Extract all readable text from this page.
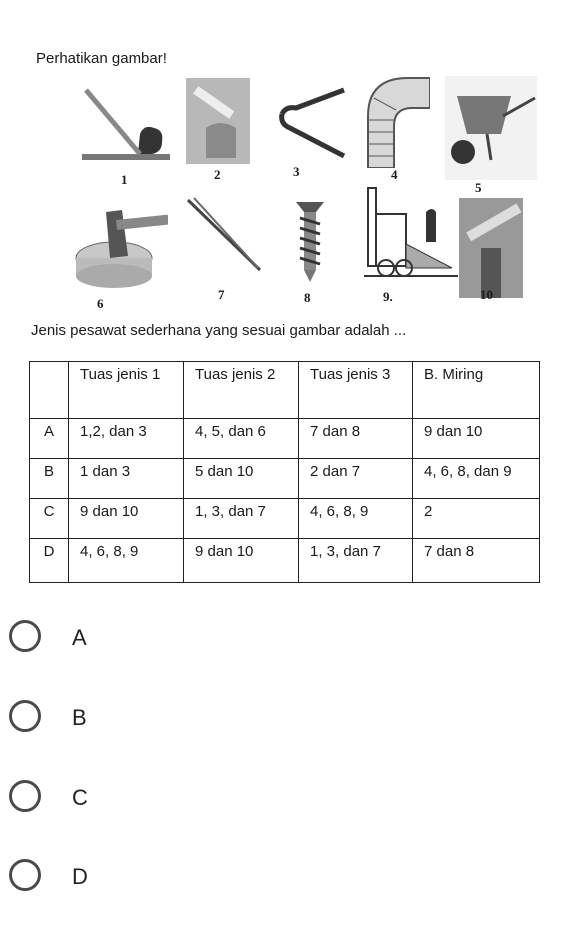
Perhatikan gambar!
1	2	3	4
5
6
7	8	9.	10
Jenis pesawat sederhana yang sesuai gambar adalah ...
	Tuas jenis 1	Tuas jenis 2	Tuas jenis 3	B. Miring
A	1,2, dan 3	4, 5, dan 6	7 dan 8	9 dan 10
B	1 dan 3	5 dan 10	2 dan 7	4, 6, 8, dan 9
C	9 dan 10	1, 3, dan 7	4, 6, 8, 9	2
D	4, 6, 8, 9	9 dan 10	1, 3, dan 7	7 dan 8
A
B
C
D
